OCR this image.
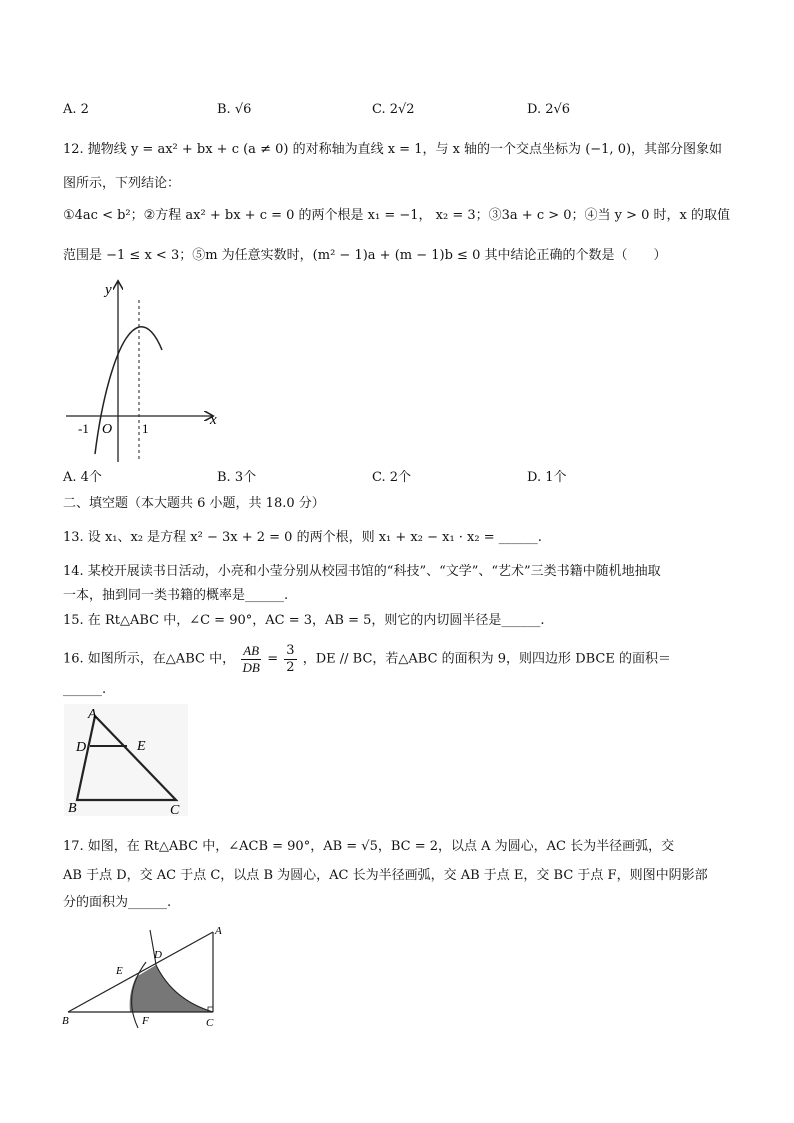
A. 2	B. √6	C. 2√2	D. 2√6
12. 抛物线 y = ax² + bx + c (a ≠ 0) 的对称轴为直线 x = 1，与 x 轴的一个交点坐标为 (−1, 0)，其部分图象如
图所示，下列结论：
①4ac < b²；②方程 ax² + bx + c = 0 的两个根是 x₁ = −1， x₂ = 3；③3a + c > 0；④当 y > 0 时，x 的取值
范围是 −1 ≤ x < 3；⑤m 为任意实数时，(m² − 1)a + (m − 1)b ≤ 0 其中结论正确的个数是（　　）
y
x
-1 O 1
A. 4个	B. 3个	C. 2个	D. 1个
二、填空题（本大题共 6 小题，共 18.0 分）
13. 设 x₁、x₂ 是方程 x² − 3x + 2 = 0 的两个根，则 x₁ + x₂ − x₁ · x₂ = ______.
14. 某校开展读书日活动，小亮和小莹分别从校园书馆的“科技”、“文学”、“艺术”三类书籍中随机地抽取
一本，抽到同一类书籍的概率是______.
15. 在 Rt△ABC 中，∠C = 90°，AC = 3，AB = 5，则它的内切圆半径是______.
16. 如图所示，在△ABC 中， $\frac{AB}{DB} = \frac{3}{2}$ ，DE // BC，若△ABC 的面积为 9，则四边形 DBCE 的面积＝
______.
A
D	E
B	C
17. 如图，在 Rt△ABC 中，∠ACB = 90°，AB = √5，BC = 2，以点 A 为圆心，AC 长为半径画弧，交
AB 于点 D，交 AC 于点 C，以点 B 为圆心，AC 长为半径画弧，交 AB 于点 E，交 BC 于点 F，则图中阴影部
分的面积为______.
A
D
E
B	F	C
